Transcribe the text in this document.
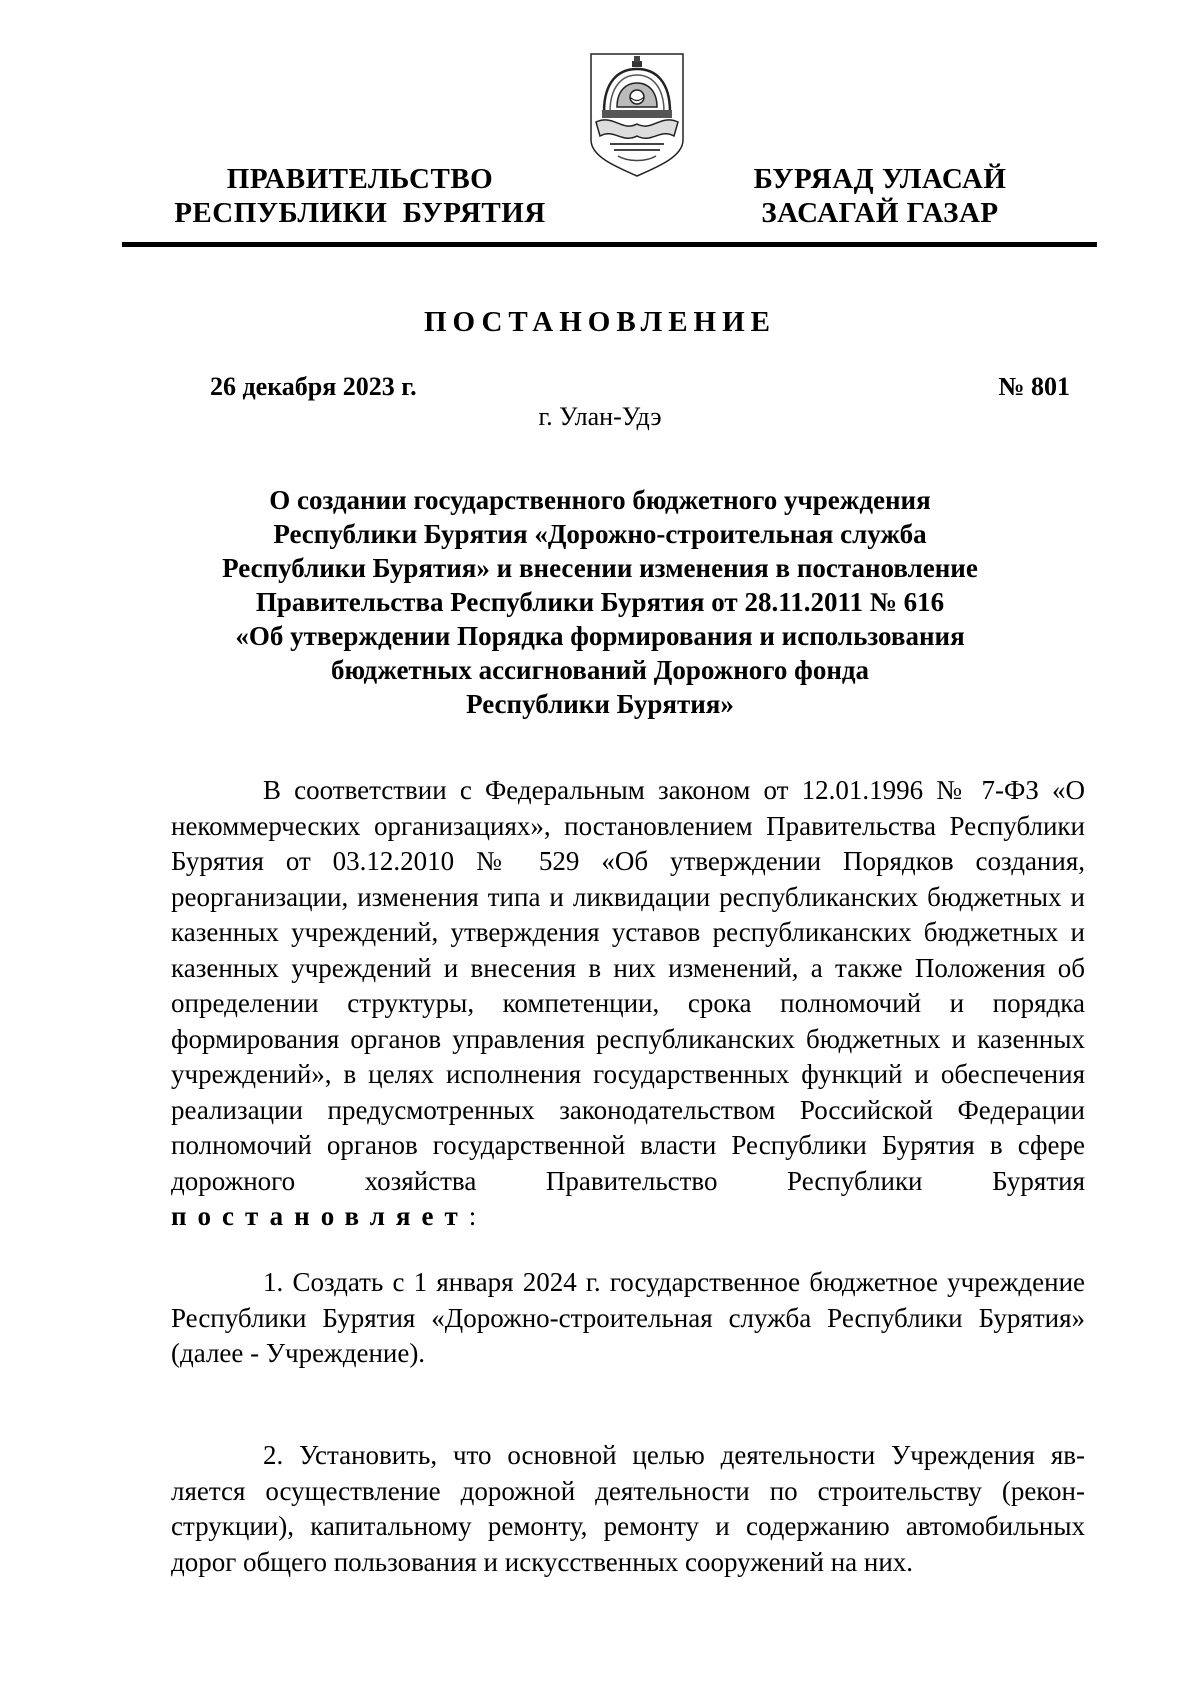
ПРАВИТЕЛЬСТВО
РЕСПУБЛИКИ  БУРЯТИЯ
БУРЯАД УЛАСАЙ
ЗАСАГАЙ ГАЗАР
ПОСТАНОВЛЕНИЕ
26 декабря 2023 г.	№ 801
г. Улан-Удэ
О создании государственного бюджетного учреждения
Республики Бурятия «Дорожно-строительная служба
Республики Бурятия» и внесении изменения в постановление
Правительства Республики Бурятия от 28.11.2011 № 616
«Об утверждении Порядка формирования и использования
бюджетных ассигнований Дорожного фонда
Республики Бурятия»

В соответствии с Федеральным законом от 12.01.1996 № 7-ФЗ «О некоммерческих организациях», постановлением Правительства Республики Бурятия от 03.12.2010 № 529 «Об утверждении Порядков создания, реорганизации, изменения типа и ликвидации республиканских бюджетных и казенных учреждений, утверждения уставов республиканских бюджетных и казенных учреждений и внесения в них изменений, а также Положения об определении структуры, компетенции, срока полномочий и порядка формирования органов управления республиканских бюджетных и казенных учреждений», в целях исполнения государственных функций и обеспечения реализации предусмотренных законодательством Российской Федерации полномочий органов государственной власти Республики Бурятия в сфере дорожного хозяйства Правительство Республики Бурятия постановляет:

1. Создать с 1 января 2024 г. государственное бюджетное учреждение Республики Бурятия «Дорожно-строительная служба Республики Бурятия» (далее - Учреждение).

2. Установить, что основной целью деятельности Учреждения является осуществление дорожной деятельности по строительству (реконструкции), капитальному ремонту, ремонту и содержанию автомобильных дорог общего пользования и искусственных сооружений на них.
